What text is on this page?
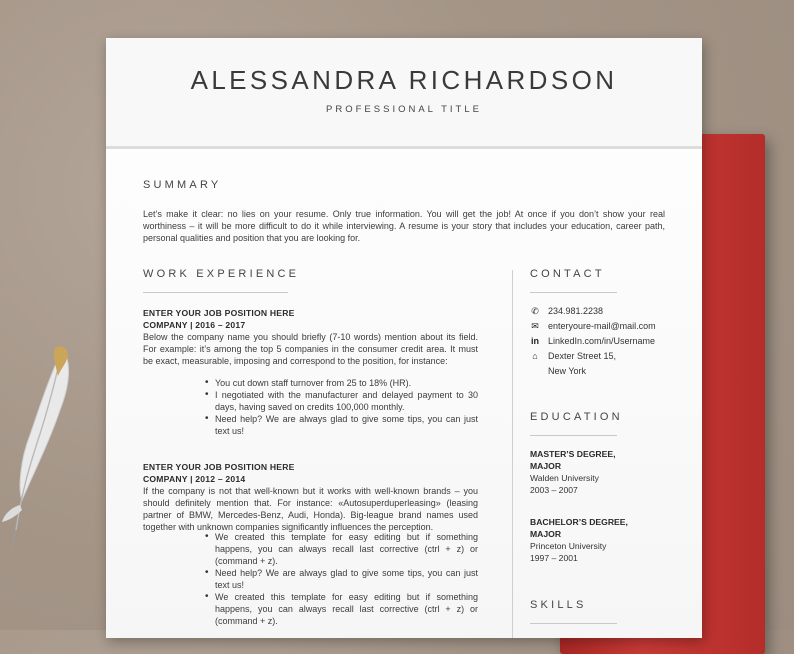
ALESSANDRA RICHARDSON
PROFESSIONAL TITLE
SUMMARY
Let’s make it clear: no lies on your resume. Only true information. You will get the job! At once if you don’t show your real worthiness – it will be more difficult to do it while interviewing. A resume is your story that includes your education, career path, personal qualities and position that you are looking for.
WORK EXPERIENCE
ENTER YOUR JOB POSITION HERE
COMPANY | 2016 – 2017
Below the company name you should briefly (7-10 words) mention about its field. For example: it’s among the top 5 companies in the consumer credit area. It must be exact, measurable, imposing and correspond to the position, for instance:
• You cut down staff turnover from 25 to 18% (HR).
• I negotiated with the manufacturer and delayed payment to 30 days, having saved on credits 100,000 monthly.
• Need help? We are always glad to give some tips, you can just text us!
ENTER YOUR JOB POSITION HERE
COMPANY | 2012 – 2014
If the company is not that well-known but it works with well-known brands – you should definitely mention that. For instance: «Autosuperduperleasing» (leasing partner of BMW, Mercedes-Benz, Audi, Honda). Big-league brand names used together with unknown companies significantly influences the perception.
• We created this template for easy editing but if something happens, you can always recall last corrective (ctrl + z) or (command + z).
• Need help? We are always glad to give some tips, you can just text us!
• We created this template for easy editing but if something happens, you can always recall last corrective (ctrl + z) or (command + z).
CONTACT
✆ 234.981.2238
✉ enteryoure-mail@mail.com
in LinkedIn.com/in/Username
⌂ Dexter Street 15,
New York
EDUCATION
MASTER’S DEGREE,
MAJOR
Walden University
2003 – 2007
BACHELOR’S DEGREE,
MAJOR
Princeton University
1997 – 2001
SKILLS
